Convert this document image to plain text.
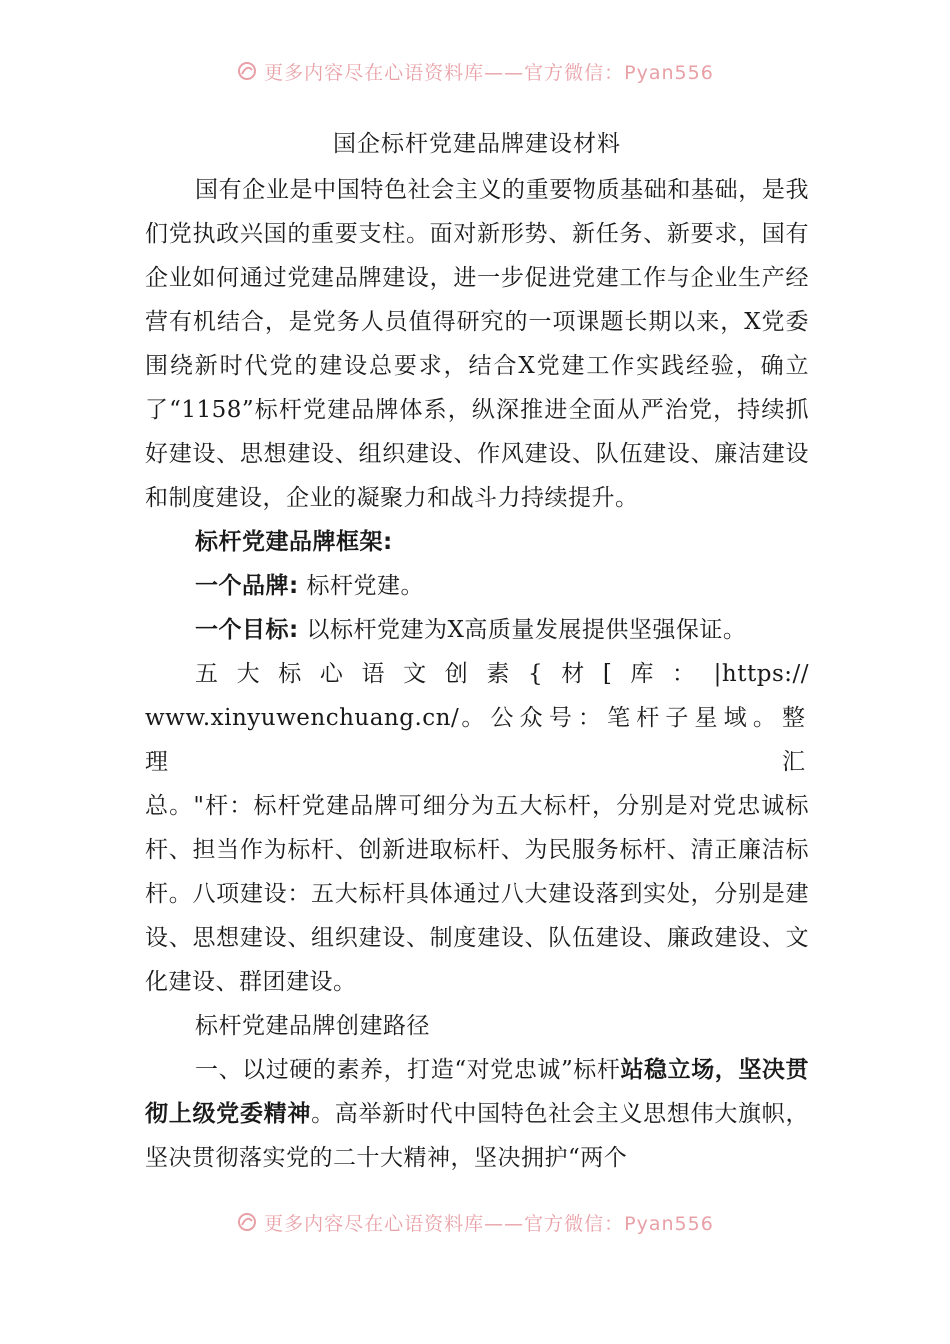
更多内容尽在心语资料库——官方微信：Pyan556

国企标杆党建品牌建设材料

国有企业是中国特色社会主义的重要物质基础和基础，是我们党执政兴国的重要支柱。面对新形势、新任务、新要求，国有企业如何通过党建品牌建设，进一步促进党建工作与企业生产经营有机结合，是党务人员值得研究的一项课题长期以来，X党委围绕新时代党的建设总要求，结合X党建工作实践经验，确立了“1158”标杆党建品牌体系，纵深推进全面从严治党，持续抓好建设、思想建设、组织建设、作风建设、队伍建设、廉洁建设和制度建设，企业的凝聚力和战斗力持续提升。

标杆党建品牌框架:

一个品牌: 标杆党建。

一个目标: 以标杆党建为X高质量发展提供坚强保证。

五大标心语文创素{材[库：|https://

www.xinyuwenchuang.cn/。公众号：笔杆子星域。整理汇

总。"杆：标杆党建品牌可细分为五大标杆，分别是对党忠诚标杆、担当作为标杆、创新进取标杆、为民服务标杆、清正廉洁标杆。八项建设：五大标杆具体通过八大建设落到实处，分别是建设、思想建设、组织建设、制度建设、队伍建设、廉政建设、文化建设、群团建设。

标杆党建品牌创建路径

一、以过硬的素养，打造“对党忠诚”标杆站稳立场，坚决贯彻上级党委精神。高举新时代中国特色社会主义思想伟大旗帜，坚决贯彻落实党的二十大精神，坚决拥护“两个

更多内容尽在心语资料库——官方微信：Pyan556
